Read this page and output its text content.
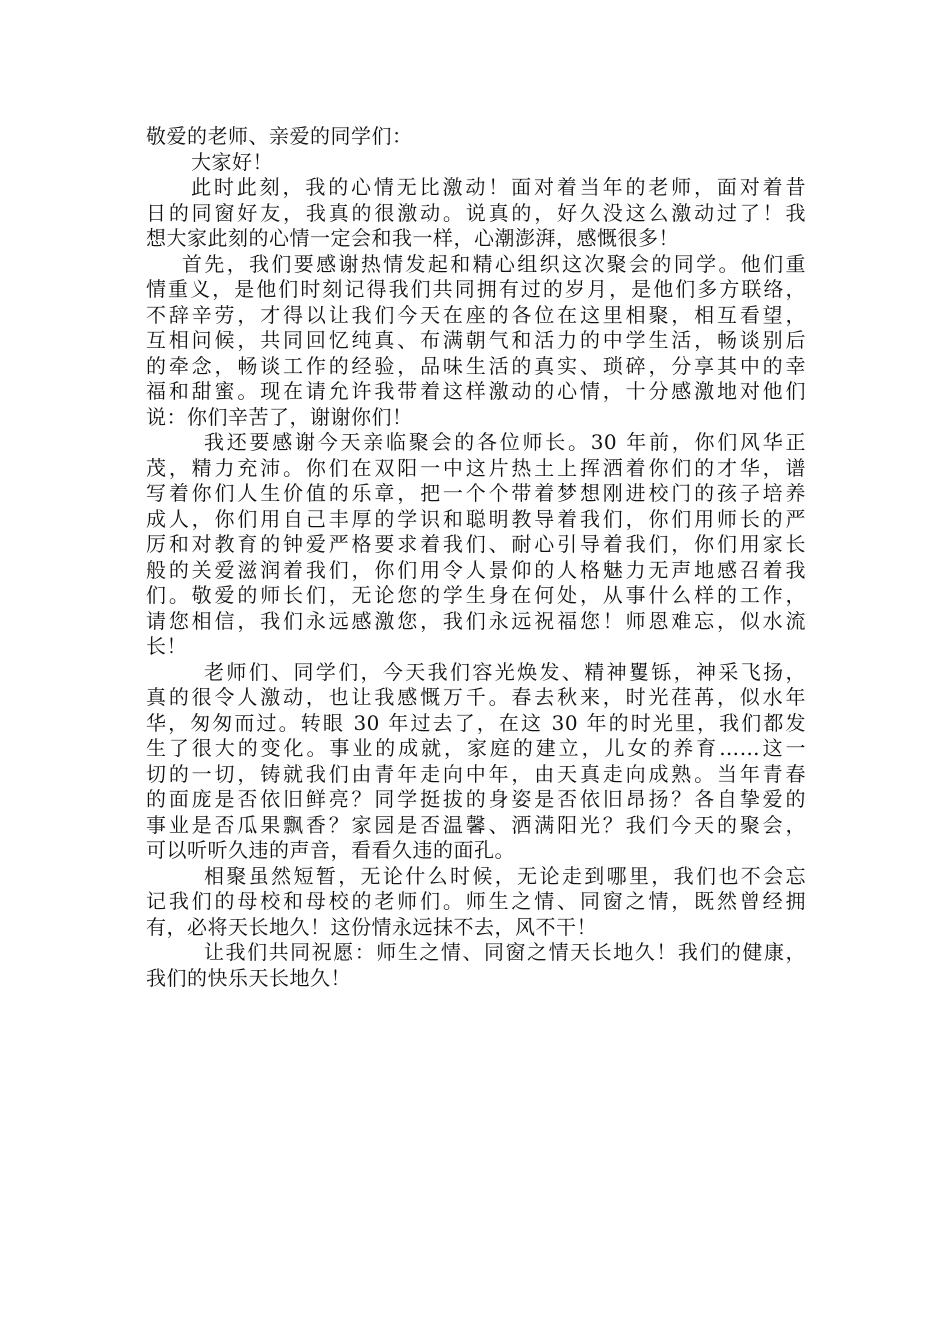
敬爱的老师、亲爱的同学们：
大家好！
此时此刻，我的心情无比激动！面对着当年的老师，面对着昔
日的同窗好友，我真的很激动。说真的，好久没这么激动过了！我
想大家此刻的心情一定会和我一样，心潮澎湃，感慨很多！
首先，我们要感谢热情发起和精心组织这次聚会的同学。他们重
情重义，是他们时刻记得我们共同拥有过的岁月，是他们多方联络，
不辞辛劳，才得以让我们今天在座的各位在这里相聚，相互看望，
互相问候，共同回忆纯真、布满朝气和活力的中学生活，畅谈别后
的牵念，畅谈工作的经验，品味生活的真实、琐碎，分享其中的幸
福和甜蜜。现在请允许我带着这样激动的心情，十分感激地对他们
说：你们辛苦了，谢谢你们！
我还要感谢今天亲临聚会的各位师长。30 年前，你们风华正
茂，精力充沛。你们在双阳一中这片热土上挥洒着你们的才华，谱
写着你们人生价值的乐章，把一个个带着梦想刚进校门的孩子培养
成人，你们用自己丰厚的学识和聪明教导着我们，你们用师长的严
厉和对教育的钟爱严格要求着我们、耐心引导着我们，你们用家长
般的关爱滋润着我们，你们用令人景仰的人格魅力无声地感召着我
们。敬爱的师长们，无论您的学生身在何处，从事什么样的工作，
请您相信，我们永远感激您，我们永远祝福您！师恩难忘，似水流
长！
老师们、同学们，今天我们容光焕发、精神矍铄，神采飞扬，
真的很令人激动，也让我感慨万千。春去秋来，时光荏苒，似水年
华，匆匆而过。转眼 30 年过去了，在这 30 年的时光里，我们都发
生了很大的变化。事业的成就，家庭的建立，儿女的养育……这一
切的一切，铸就我们由青年走向中年，由天真走向成熟。当年青春
的面庞是否依旧鲜亮？同学挺拔的身姿是否依旧昂扬？各自挚爱的
事业是否瓜果飘香？家园是否温馨、洒满阳光？我们今天的聚会，
可以听听久违的声音，看看久违的面孔。
相聚虽然短暂，无论什么时候，无论走到哪里，我们也不会忘
记我们的母校和母校的老师们。师生之情、同窗之情，既然曾经拥
有，必将天长地久！这份情永远抹不去，风不干！
让我们共同祝愿：师生之情、同窗之情天长地久！我们的健康，
我们的快乐天长地久！
